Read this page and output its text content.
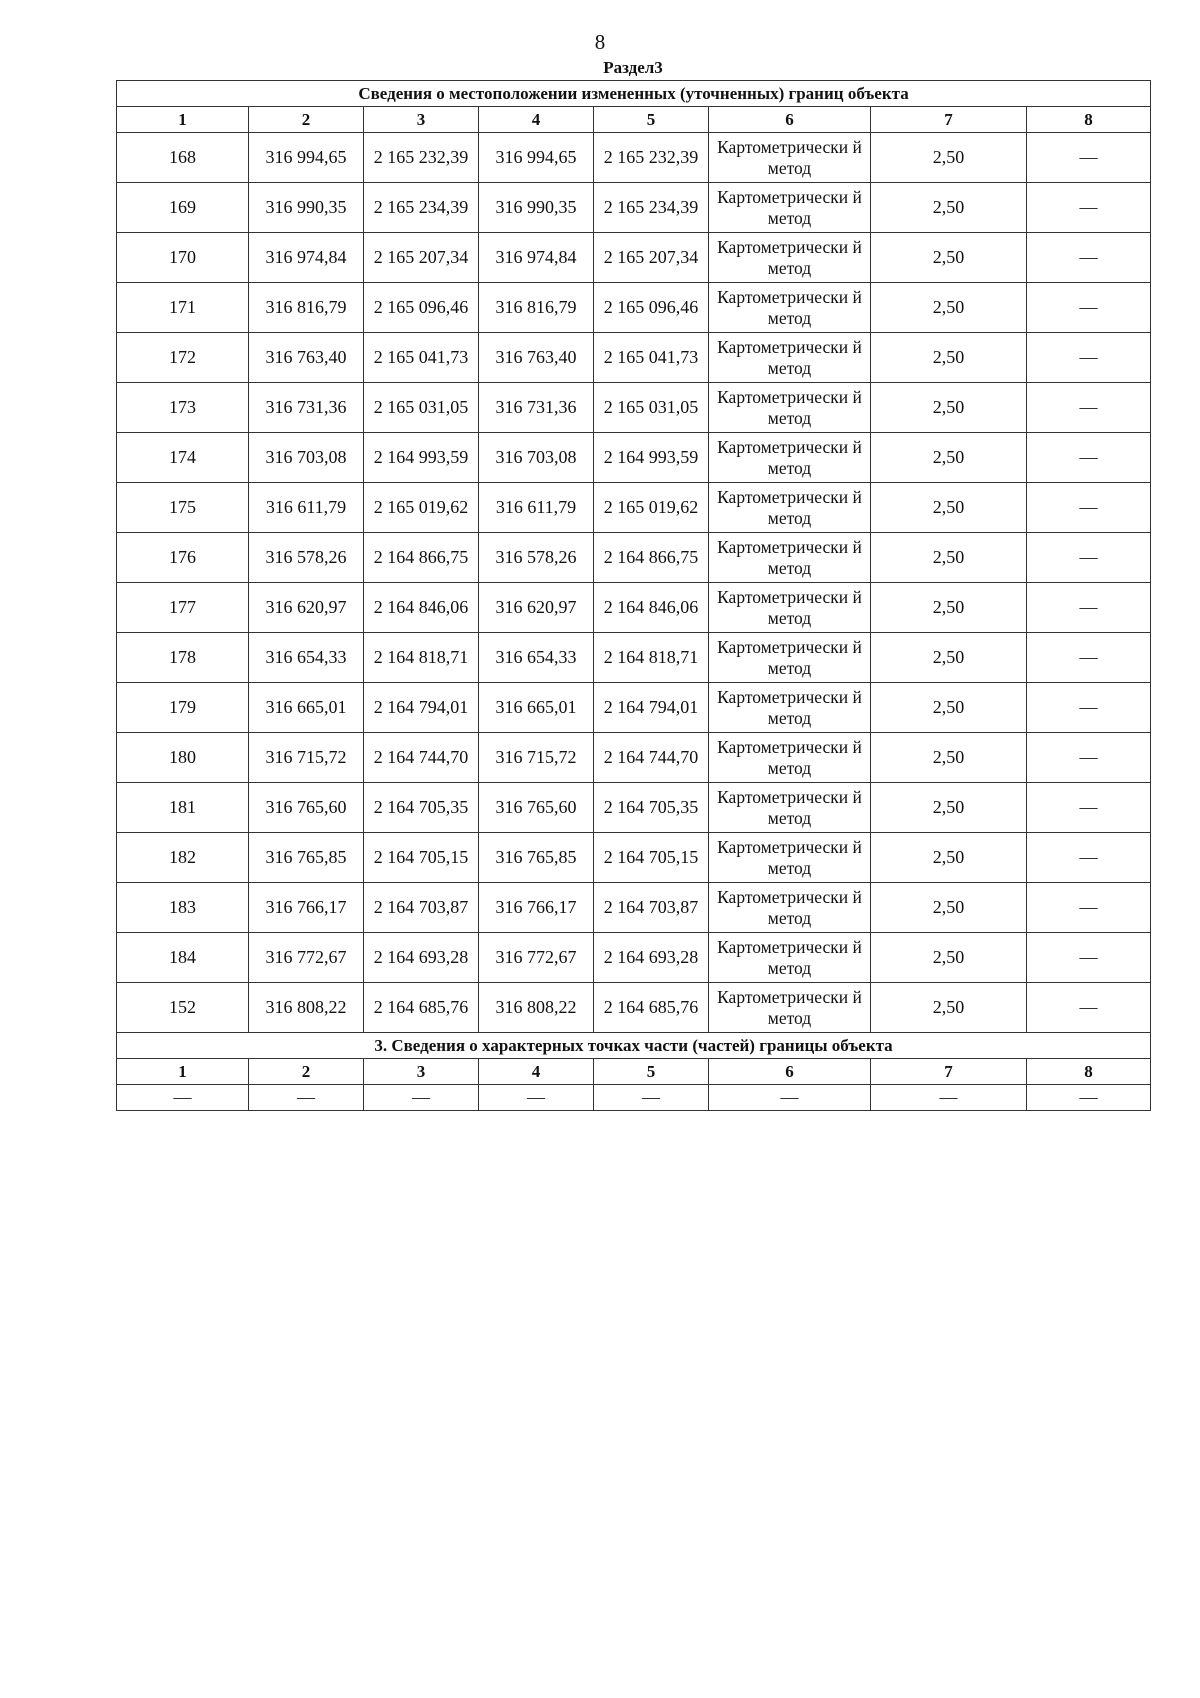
8
Раздел3
Сведения о местоположении измененных (уточненных) границ объекта							
1	2	3	4	5	6	7	8
168	316 994,65	2 165 232,39	316 994,65	2 165 232,39	Картометрически й метод	2,50	—
169	316 990,35	2 165 234,39	316 990,35	2 165 234,39	Картометрически й метод	2,50	—
170	316 974,84	2 165 207,34	316 974,84	2 165 207,34	Картометрически й метод	2,50	—
171	316 816,79	2 165 096,46	316 816,79	2 165 096,46	Картометрически й метод	2,50	—
172	316 763,40	2 165 041,73	316 763,40	2 165 041,73	Картометрически й метод	2,50	—
173	316 731,36	2 165 031,05	316 731,36	2 165 031,05	Картометрически й метод	2,50	—
174	316 703,08	2 164 993,59	316 703,08	2 164 993,59	Картометрически й метод	2,50	—
175	316 611,79	2 165 019,62	316 611,79	2 165 019,62	Картометрически й метод	2,50	—
176	316 578,26	2 164 866,75	316 578,26	2 164 866,75	Картометрически й метод	2,50	—
177	316 620,97	2 164 846,06	316 620,97	2 164 846,06	Картометрически й метод	2,50	—
178	316 654,33	2 164 818,71	316 654,33	2 164 818,71	Картометрически й метод	2,50	—
179	316 665,01	2 164 794,01	316 665,01	2 164 794,01	Картометрически й метод	2,50	—
180	316 715,72	2 164 744,70	316 715,72	2 164 744,70	Картометрически й метод	2,50	—
181	316 765,60	2 164 705,35	316 765,60	2 164 705,35	Картометрически й метод	2,50	—
182	316 765,85	2 164 705,15	316 765,85	2 164 705,15	Картометрически й метод	2,50	—
183	316 766,17	2 164 703,87	316 766,17	2 164 703,87	Картометрически й метод	2,50	—
184	316 772,67	2 164 693,28	316 772,67	2 164 693,28	Картометрически й метод	2,50	—
152	316 808,22	2 164 685,76	316 808,22	2 164 685,76	Картометрически й метод	2,50	—
3. Сведения о характерных точках части (частей) границы объекта							
1	2	3	4	5	6	7	8
—	—	—	—	—	—	—	—
